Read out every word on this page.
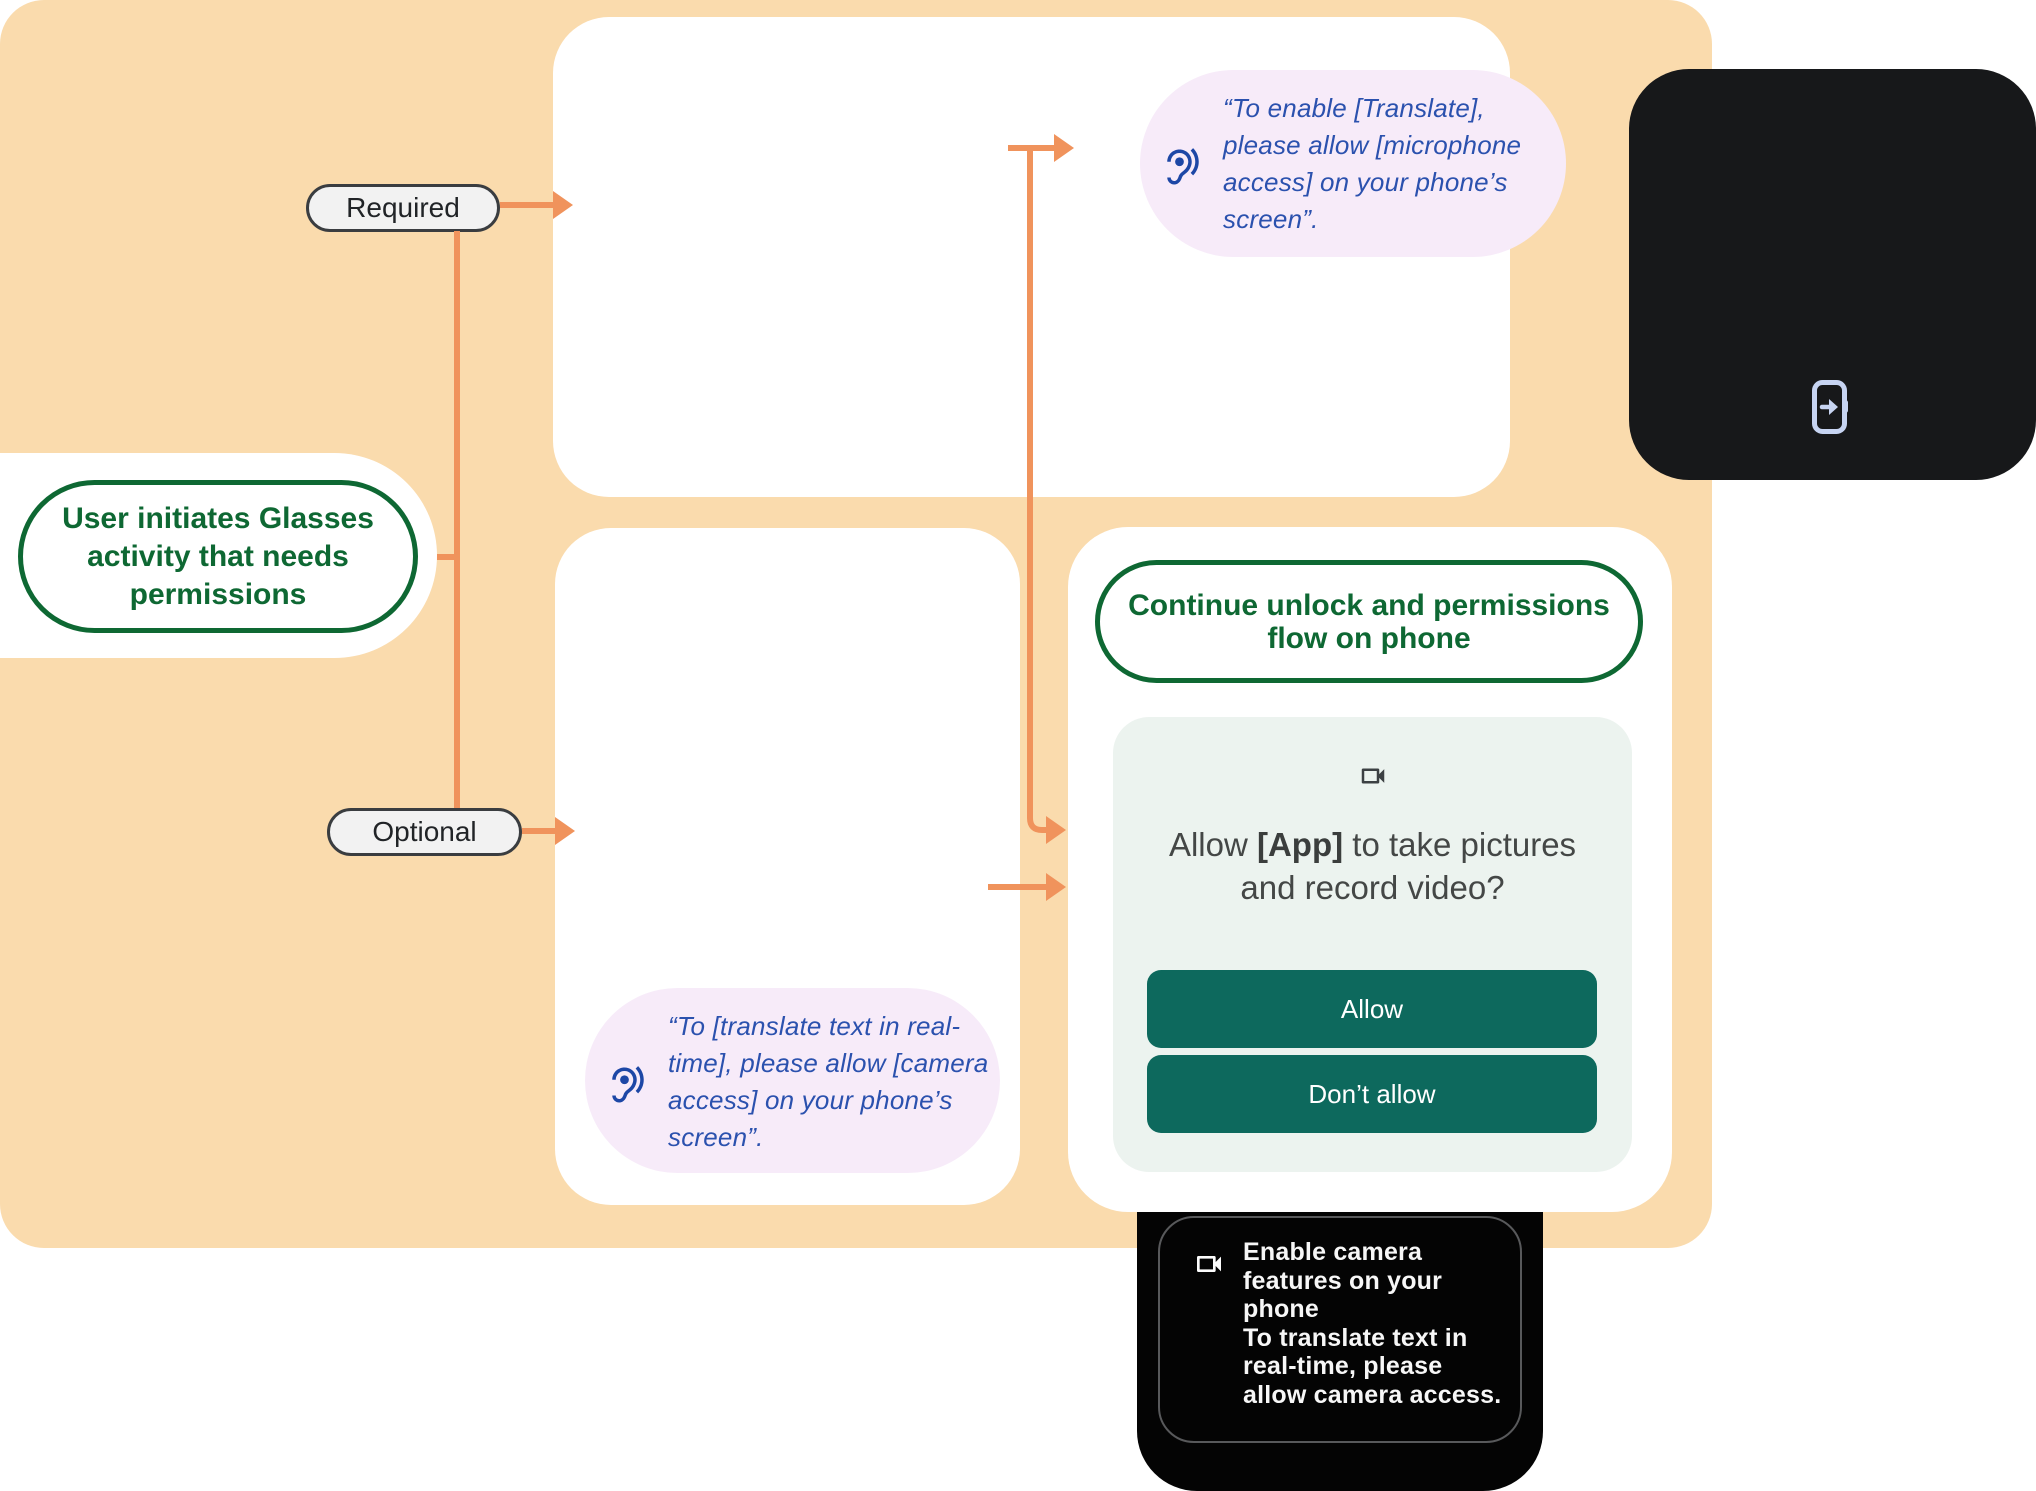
“To enable [Translate],
please allow [microphone
access] on your phone’s
screen”.
Enable camera
features on your
phone
To translate text in
real-time, please
allow camera access.
“To [translate text in real-
time], please allow [camera
access] on your phone’s
screen”.
Continue unlock and permissions
flow on phone
Allow [App] to take pictures
and record video?
Allow
Don’t allow
User initiates Glasses
activity that needs
permissions
Required
Optional
